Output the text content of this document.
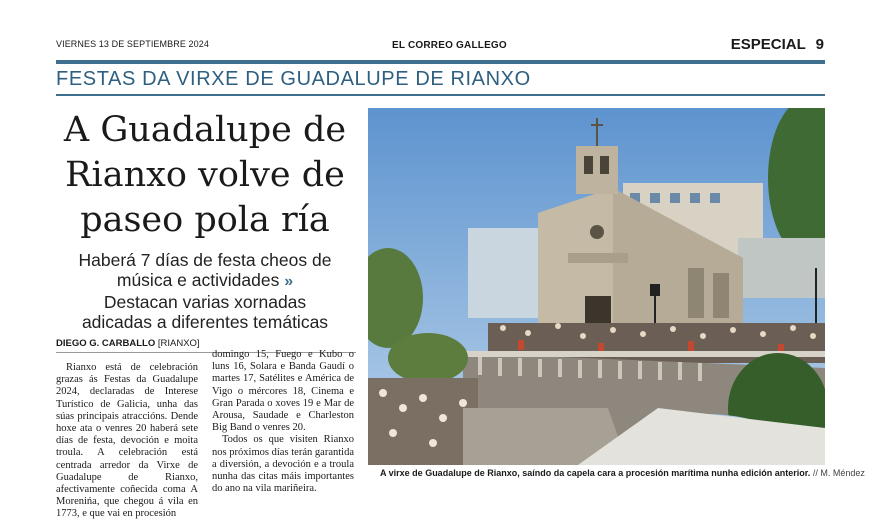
VIERNES 13 DE SEPTIEMBRE 2024	EL CORREO GALLEGO	ESPECIAL 9
FESTAS DA VIRXE DE GUADALUPE DE RIANXO
A Guadalupe de
Rianxo volve de
paseo pola ría
Haberá 7 días de festa cheos de
música e actividades »
Destacan varias xornadas
adicadas a diferentes temáticas
DIEGO G. CARBALLO [RIANXO]

Rianxo está de celebración grazas ás Festas da Guadalupe 2024, declaradas de Interese Turístico de Galicia, unha das súas principais atraccións. Dende hoxe ata o venres 20 haberá sete días de festa, devoción e moita troula. A celebración está centrada arredor da Virxe de Guadalupe de Rianxo, afectivamente coñecida coma A Morenińa, que chegou á vila en 1773, e que vai en procesión

domingo 15, Fuego e Kubo o luns 16, Solara e Banda Gaudí o martes 17, Satélites e América de Vigo o mércores 18, Cinema e Gran Parada o xoves 19 e Mar de Arousa, Saudade e Charleston Big Band o venres 20.

Todos os que visiten Rianxo nos próximos días terán garantida a diversión, a devoción e a troula nunha das citas máis importantes do ano na vila mariñeira.

A virxe de Guadalupe de Rianxo, saíndo da capela cara a procesión marítima nunha edición anterior. // M. Méndez
